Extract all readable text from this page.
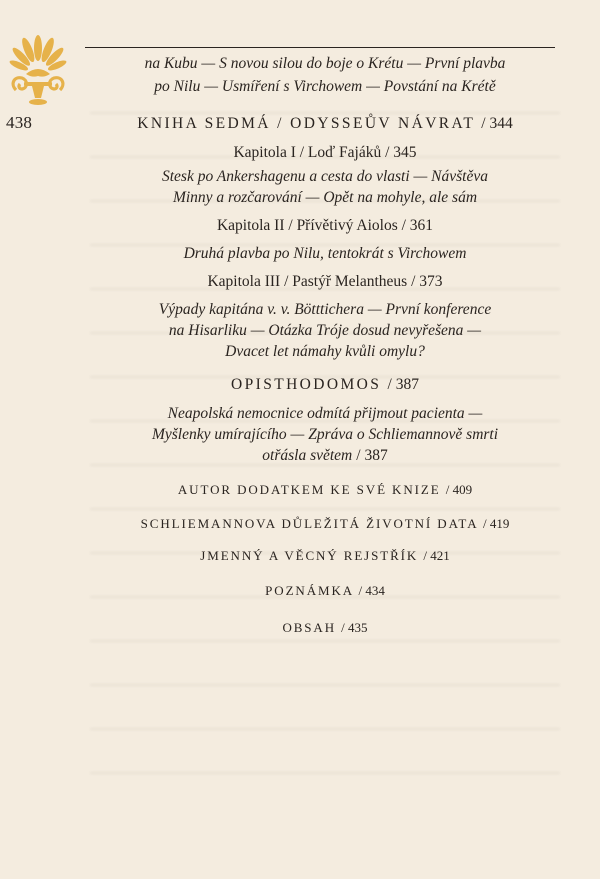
438
na Kubu — S novou silou do boje o Krétu — První plavba
po Nilu — Usmíření s Virchowem — Povstání na Krétě
KNIHA SEDMÁ / ODYSSEŮV NÁVRAT / 344
Kapitola I / Loď Fajáků / 345
Stesk po Ankershagenu a cesta do vlasti — Návštěva
Minny a rozčarování — Opět na mohyle, ale sám
Kapitola II / Přívětivý Aiolos / 361
Druhá plavba po Nilu, tentokrát s Virchowem
Kapitola III / Pastýř Melantheus / 373
Výpady kapitána v. v. Bötttichera — První konference
na Hisarliku — Otázka Tróje dosud nevyřešena —
Dvacet let námahy kvůli omylu?
OPISTHODOMOS / 387
Neapolská nemocnice odmítá přijmout pacienta —
Myšlenky umírajícího — Zpráva o Schliemannově smrti
otřásla světem / 387
AUTOR DODATKEM KE SVÉ KNIZE / 409
SCHLIEMANNOVA DŮLEŽITÁ ŽIVOTNÍ DATA / 419
JMENNÝ A VĚCNÝ REJSTŘÍK / 421
POZNÁMKA / 434
OBSAH / 435
